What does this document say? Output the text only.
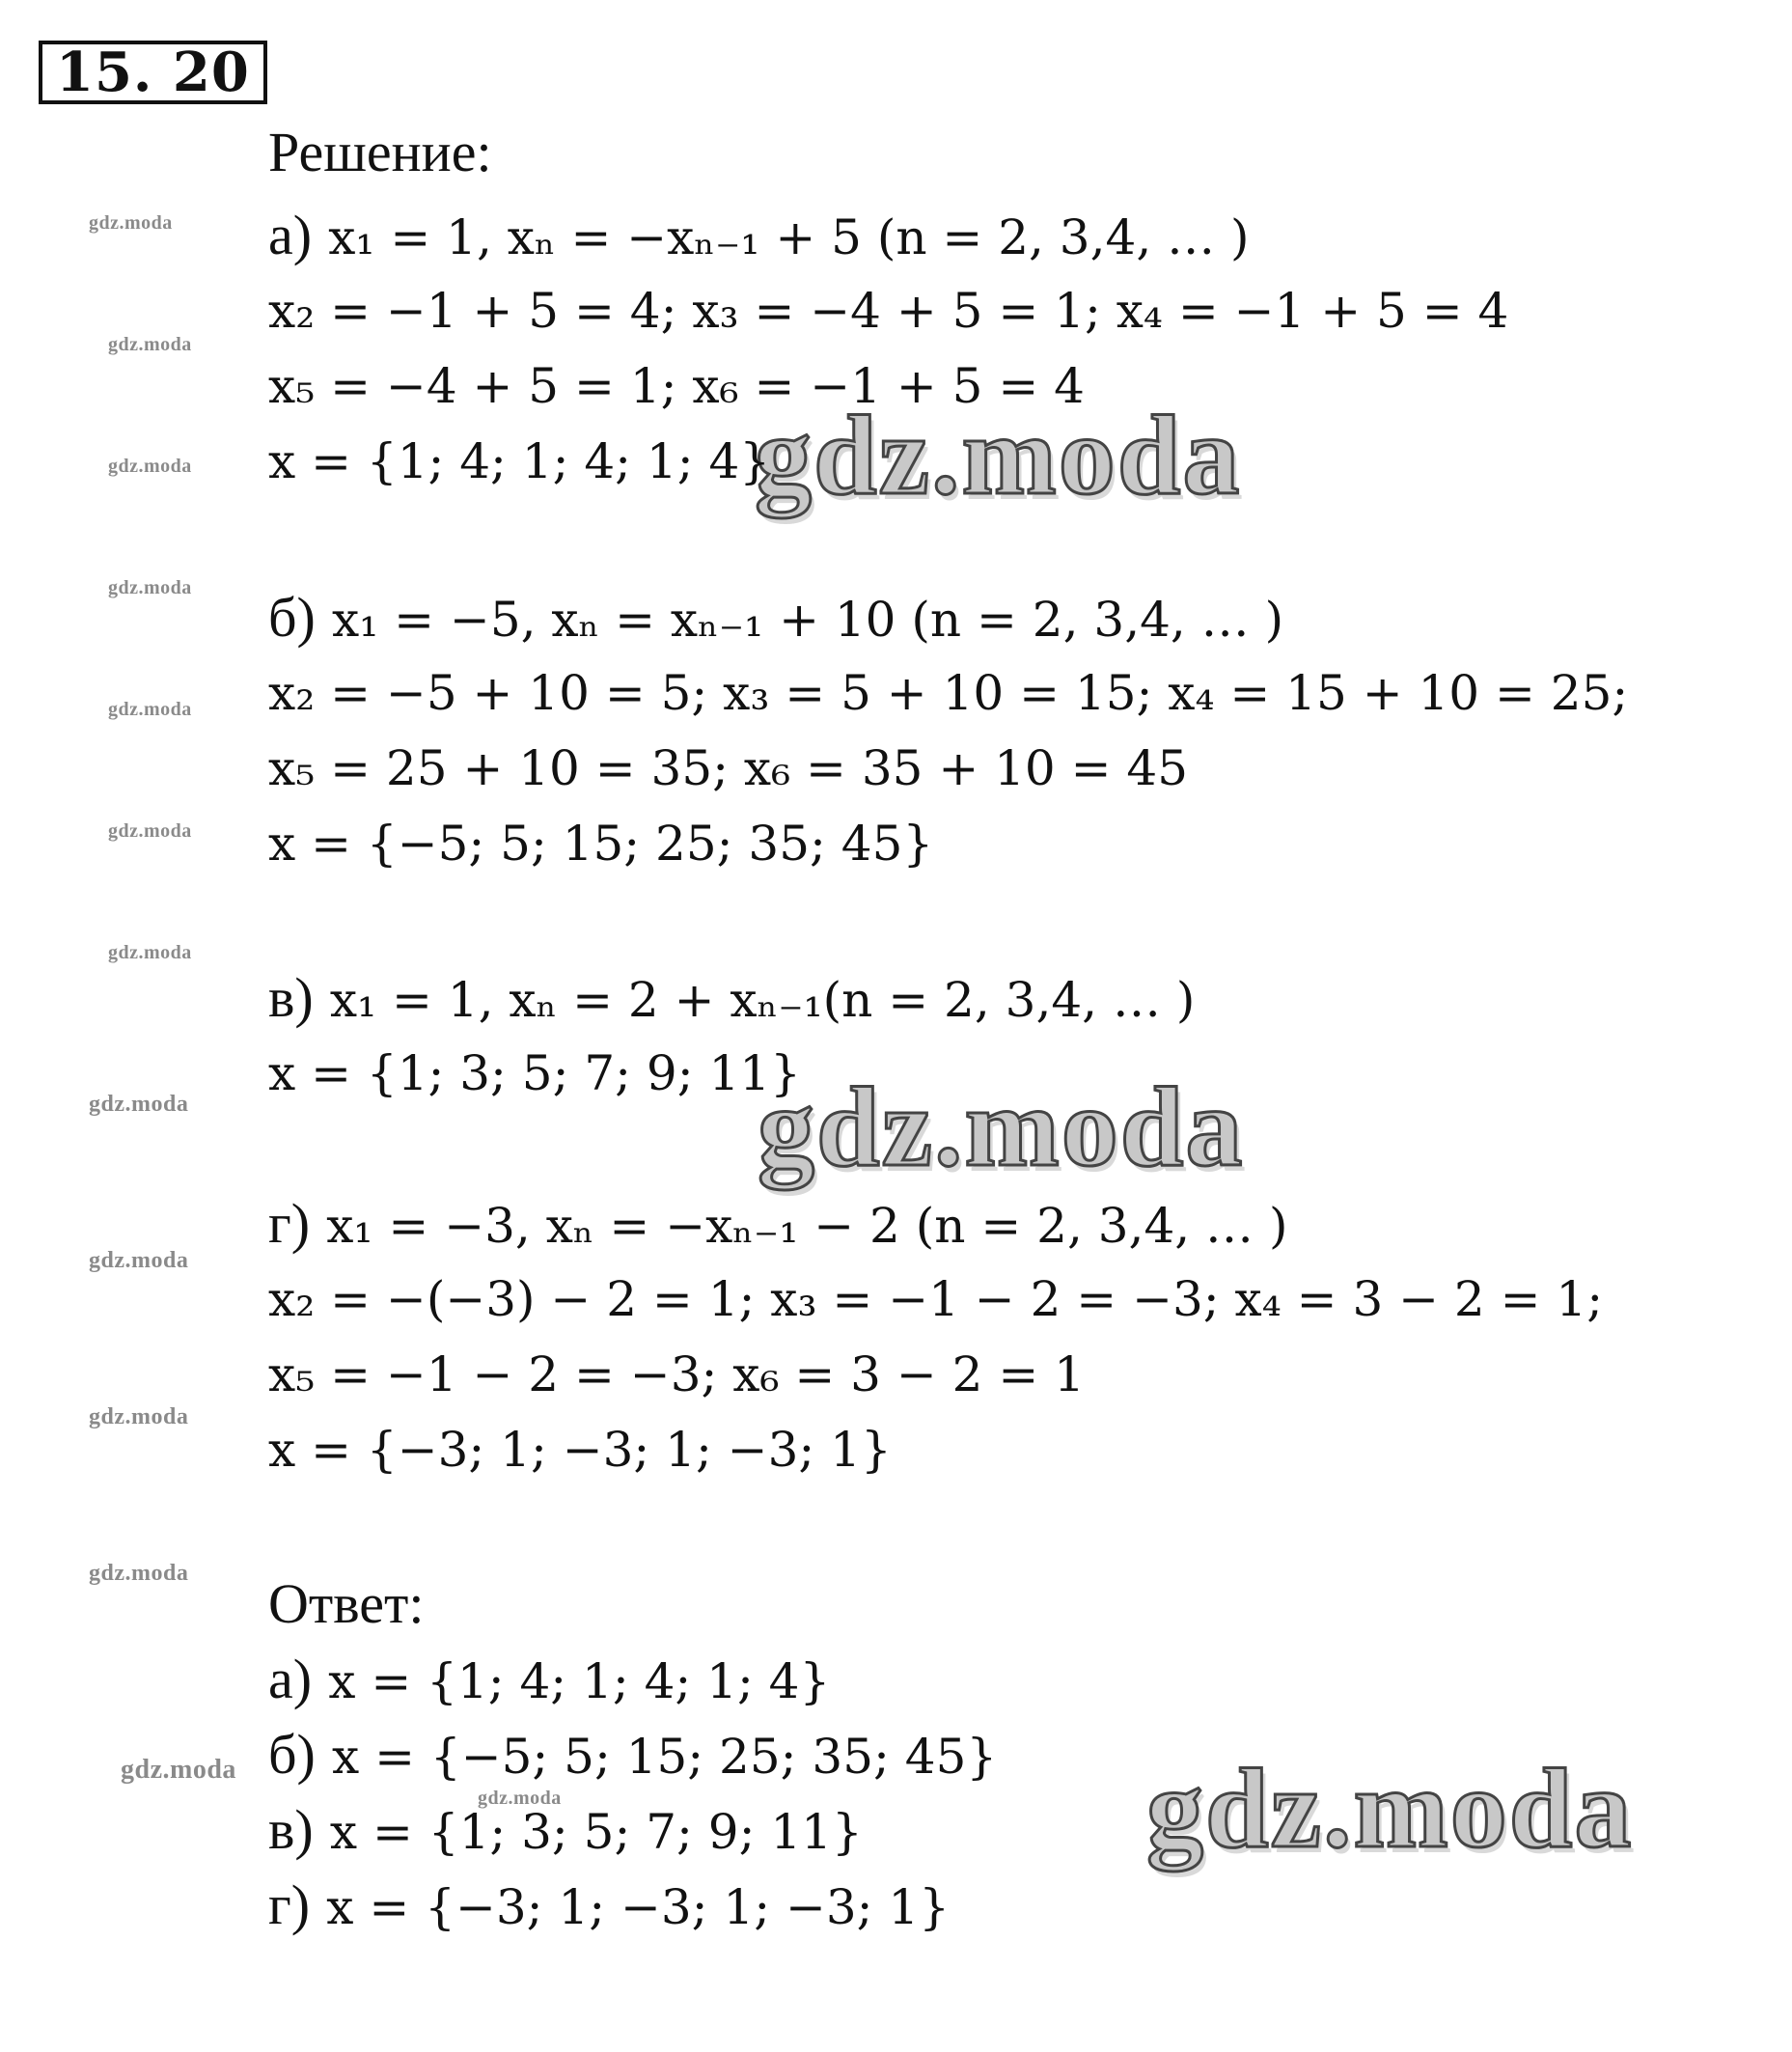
15. 20
gdz.moda
gdz.moda
gdz.moda
gdz.moda
gdz.moda
gdz.moda
gdz.moda
gdz.moda
gdz.moda
gdz.moda
gdz.moda
gdz.moda
gdz.moda
gdz.moda
gdz.moda
gdz.moda
Решение:
а) x₁ = 1, xₙ = −xₙ₋₁ + 5 (n = 2, 3,4, … )
x₂ = −1 + 5 = 4; x₃ = −4 + 5 = 1; x₄ = −1 + 5 = 4
x₅ = −4 + 5 = 1; x₆ = −1 + 5 = 4
x = {1; 4; 1; 4; 1; 4}
б) x₁ = −5, xₙ = xₙ₋₁ + 10 (n = 2, 3,4, … )
x₂ = −5 + 10 = 5; x₃ = 5 + 10 = 15; x₄ = 15 + 10 = 25;
x₅ = 25 + 10 = 35; x₆ = 35 + 10 = 45
x = {−5; 5; 15; 25; 35; 45}
в) x₁ = 1, xₙ = 2 + xₙ₋₁(n = 2, 3,4, … )
x = {1; 3; 5; 7; 9; 11}
г) x₁ = −3, xₙ = −xₙ₋₁ − 2 (n = 2, 3,4, … )
x₂ = −(−3) − 2 = 1; x₃ = −1 − 2 = −3; x₄ = 3 − 2 = 1;
x₅ = −1 − 2 = −3; x₆ = 3 − 2 = 1
x = {−3; 1; −3; 1; −3; 1}
Ответ:
а) x = {1; 4; 1; 4; 1; 4}
б) x = {−5; 5; 15; 25; 35; 45}
в) x = {1; 3; 5; 7; 9; 11}
г) x = {−3; 1; −3; 1; −3; 1}
